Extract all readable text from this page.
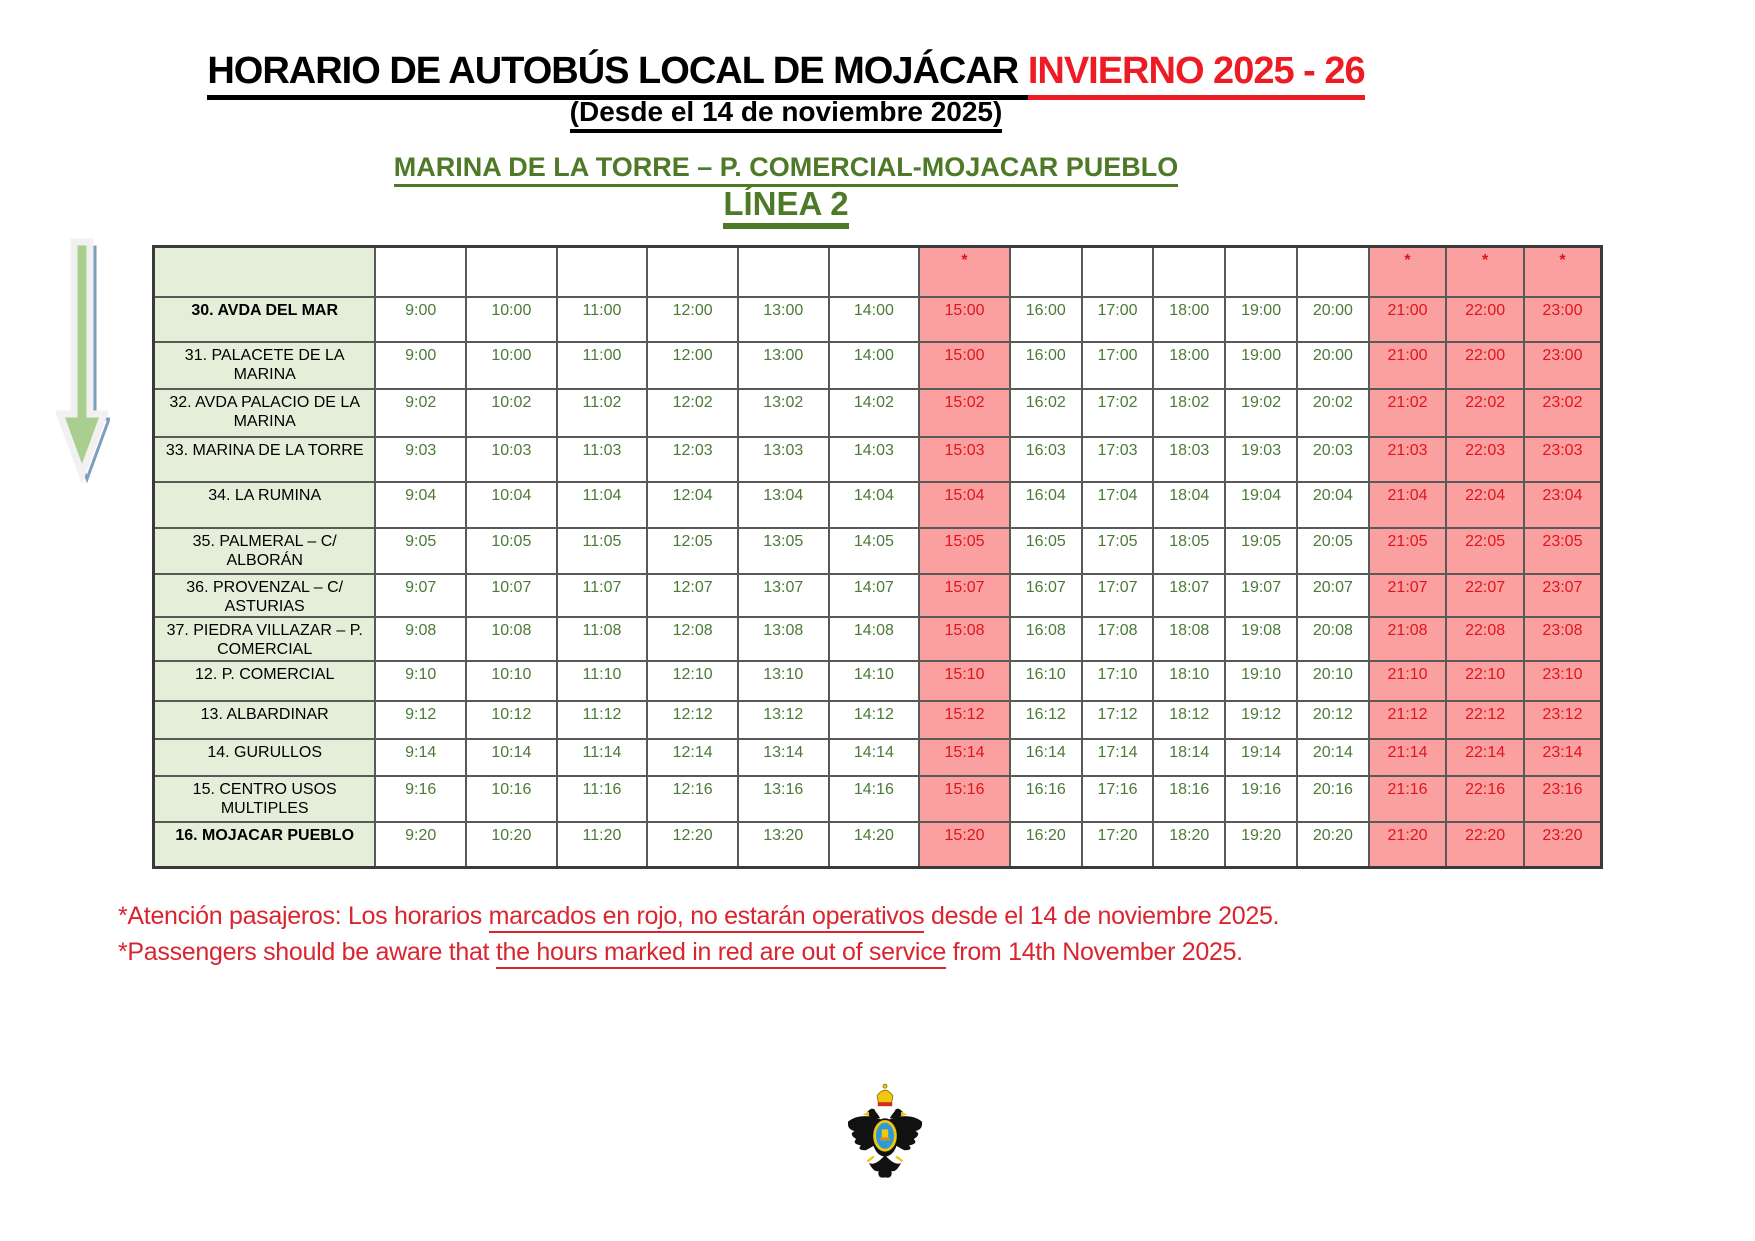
HORARIO DE AUTOBÚS LOCAL DE MOJÁCAR INVIERNO 2025 - 26
(Desde el 14 de noviembre 2025)
MARINA DE LA TORRE – P. COMERCIAL-MOJACAR PUEBLO
LÍNEA 2
							*						*	*	*
30. AVDA DEL MAR	9:00	10:00	11:00	12:00	13:00	14:00	15:00	16:00	17:00	18:00	19:00	20:00	21:00	22:00	23:00
31. PALACETE DE LA MARINA	9:00	10:00	11:00	12:00	13:00	14:00	15:00	16:00	17:00	18:00	19:00	20:00	21:00	22:00	23:00
32. AVDA PALACIO DE LA MARINA	9:02	10:02	11:02	12:02	13:02	14:02	15:02	16:02	17:02	18:02	19:02	20:02	21:02	22:02	23:02
33. MARINA DE LA TORRE	9:03	10:03	11:03	12:03	13:03	14:03	15:03	16:03	17:03	18:03	19:03	20:03	21:03	22:03	23:03
34. LA RUMINA	9:04	10:04	11:04	12:04	13:04	14:04	15:04	16:04	17:04	18:04	19:04	20:04	21:04	22:04	23:04
35. PALMERAL – C/ ALBORÁN	9:05	10:05	11:05	12:05	13:05	14:05	15:05	16:05	17:05	18:05	19:05	20:05	21:05	22:05	23:05
36. PROVENZAL – C/ ASTURIAS	9:07	10:07	11:07	12:07	13:07	14:07	15:07	16:07	17:07	18:07	19:07	20:07	21:07	22:07	23:07
37. PIEDRA VILLAZAR – P. COMERCIAL	9:08	10:08	11:08	12:08	13:08	14:08	15:08	16:08	17:08	18:08	19:08	20:08	21:08	22:08	23:08
12. P. COMERCIAL	9:10	10:10	11:10	12:10	13:10	14:10	15:10	16:10	17:10	18:10	19:10	20:10	21:10	22:10	23:10
13. ALBARDINAR	9:12	10:12	11:12	12:12	13:12	14:12	15:12	16:12	17:12	18:12	19:12	20:12	21:12	22:12	23:12
14. GURULLOS	9:14	10:14	11:14	12:14	13:14	14:14	15:14	16:14	17:14	18:14	19:14	20:14	21:14	22:14	23:14
15. CENTRO USOS MULTIPLES	9:16	10:16	11:16	12:16	13:16	14:16	15:16	16:16	17:16	18:16	19:16	20:16	21:16	22:16	23:16
16. MOJACAR PUEBLO	9:20	10:20	11:20	12:20	13:20	14:20	15:20	16:20	17:20	18:20	19:20	20:20	21:20	22:20	23:20
*Atención pasajeros: Los horarios marcados en rojo, no estarán operativos desde el 14 de noviembre 2025.
*Passengers should be aware that the hours marked in red are out of service from 14th November 2025.
